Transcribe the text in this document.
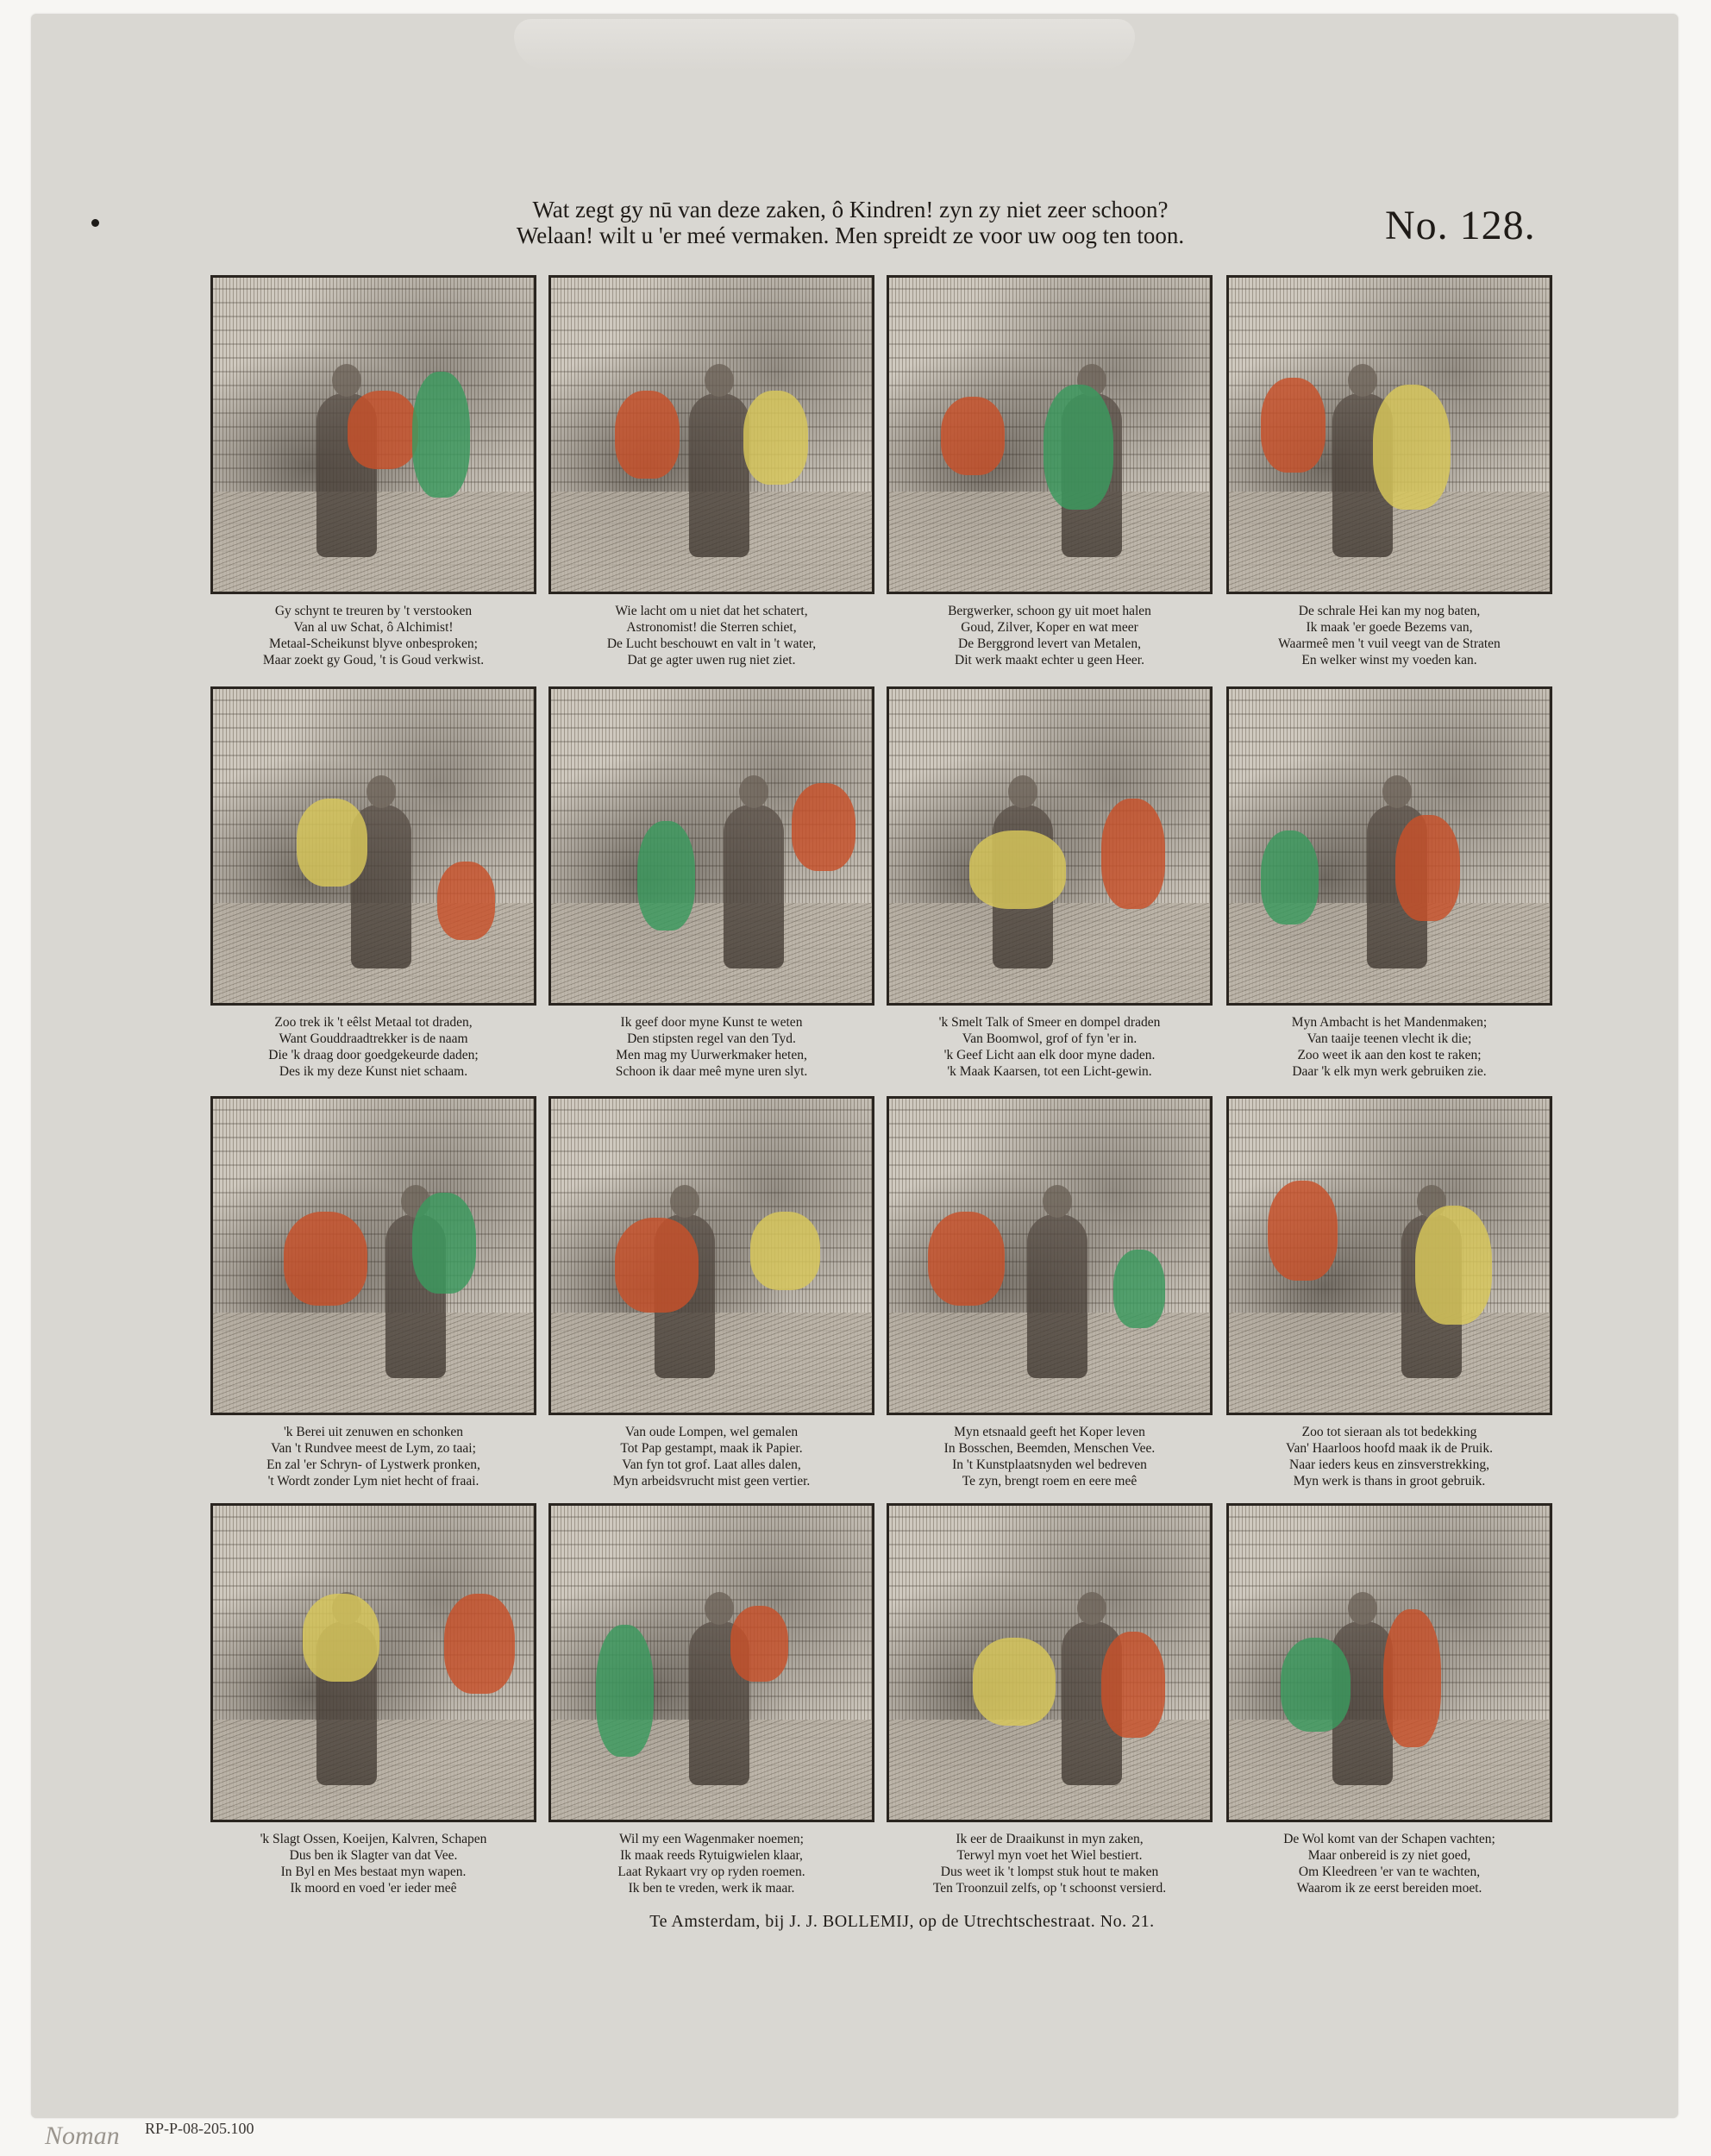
Wat zegt gy nū van deze zaken, ô Kindren! zyn zy niet zeer schoon?
Welaan! wilt u 'er meé vermaken. Men spreidt ze voor uw oog ten toon.	No. 128.
Gy schynt te treuren by 't verstooken
Van al uw Schat, ô Alchimist!
Metaal-Scheikunst blyve onbesproken;
Maar zoekt gy Goud, 't is Goud verkwist.
Wie lacht om u niet dat het schatert,
Astronomist! die Sterren schiet,
De Lucht beschouwt en valt in 't water,
Dat ge agter uwen rug niet ziet.
Bergwerker, schoon gy uit moet halen
Goud, Zilver, Koper en wat meer
De Berggrond levert van Metalen,
Dit werk maakt echter u geen Heer.
De schrale Hei kan my nog baten,
Ik maak 'er goede Bezems van,
Waarmeê men 't vuil veegt van de Straten
En welker winst my voeden kan.
Zoo trek ik 't eêlst Metaal tot draden,
Want Gouddraadtrekker is de naam
Die 'k draag door goedgekeurde daden;
Des ik my deze Kunst niet schaam.
Ik geef door myne Kunst te weten
Den stipsten regel van den Tyd.
Men mag my Uurwerkmaker heten,
Schoon ik daar meê myne uren slyt.
'k Smelt Talk of Smeer en dompel draden
Van Boomwol, grof of fyn 'er in.
'k Geef Licht aan elk door myne daden.
'k Maak Kaarsen, tot een Licht-gewin.
Myn Ambacht is het Mandenmaken;
Van taaije teenen vlecht ik die;
Zoo weet ik aan den kost te raken;
Daar 'k elk myn werk gebruiken zie.
'k Berei uit zenuwen en schonken
Van 't Rundvee meest de Lym, zo taai;
En zal 'er Schryn- of Lystwerk pronken,
't Wordt zonder Lym niet hecht of fraai.
Van oude Lompen, wel gemalen
Tot Pap gestampt, maak ik Papier.
Van fyn tot grof. Laat alles dalen,
Myn arbeidsvrucht mist geen vertier.
Myn etsnaald geeft het Koper leven
In Bosschen, Beemden, Menschen Vee.
In 't Kunstplaatsnyden wel bedreven
Te zyn, brengt roem en eere meê
Zoo tot sieraan als tot bedekking
Van' Haarloos hoofd maak ik de Pruik.
Naar ieders keus en zinsverstrekking,
Myn werk is thans in groot gebruik.
'k Slagt Ossen, Koeijen, Kalvren, Schapen
Dus ben ik Slagter van dat Vee.
In Byl en Mes bestaat myn wapen.
Ik moord en voed 'er ieder meê
Wil my een Wagenmaker noemen;
Ik maak reeds Rytuigwielen klaar,
Laat Rykaart vry op ryden roemen.
Ik ben te vreden, werk ik maar.
Ik eer de Draaikunst in myn zaken,
Terwyl myn voet het Wiel bestiert.
Dus weet ik 't lompst stuk hout te maken
Ten Troonzuil zelfs, op 't schoonst versierd.
De Wol komt van der Schapen vachten;
Maar onbereid is zy niet goed,
Om Kleedreen 'er van te wachten,
Waarom ik ze eerst bereiden moet.
Te Amsterdam, bij J. J. BOLLEMIJ, op de Utrechtschestraat. No. 21.
Noman RP-P-08-205.100
